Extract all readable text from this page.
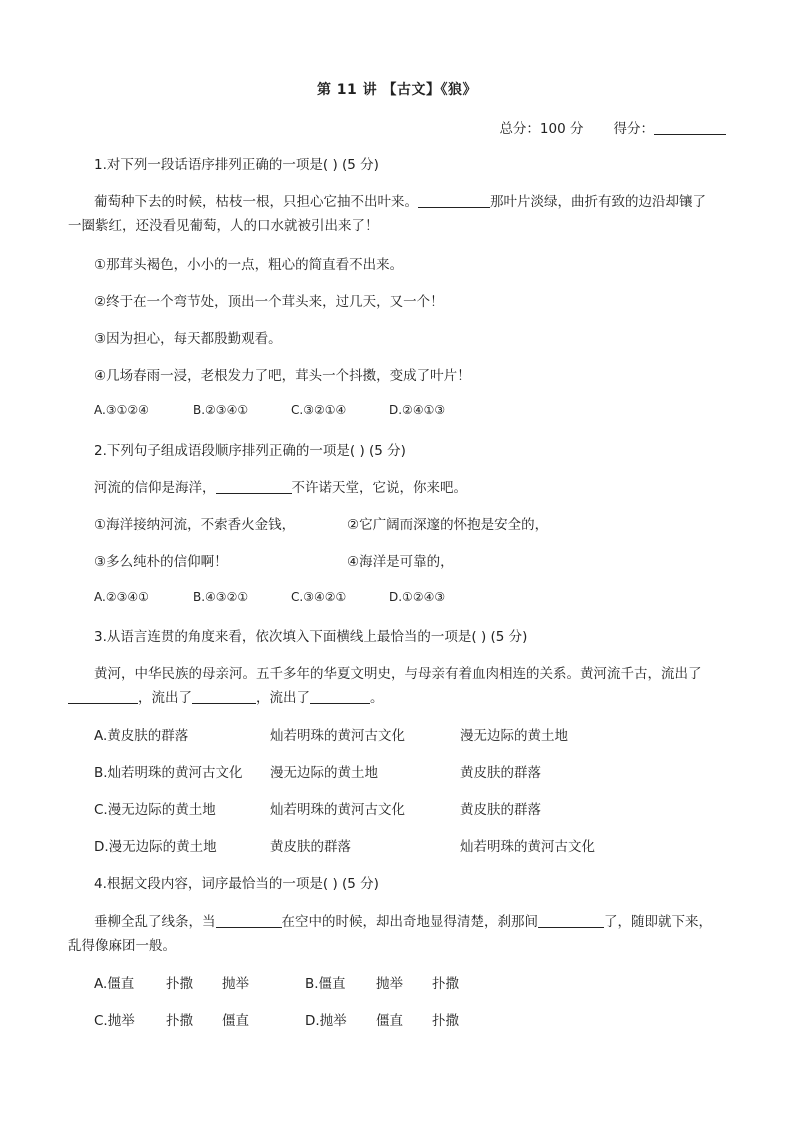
第 11 讲 【古文】《狼》
总分：100 分 得分：
1.对下列一段话语序排列正确的一项是( ) (5 分)
葡萄种下去的时候，枯枝一根，只担心它抽不出叶来。	那叶片淡绿，曲折有致的边沿却镶了
一圈紫红，还没看见葡萄，人的口水就被引出来了！
①那茸头褐色，小小的一点，粗心的简直看不出来。
②终于在一个弯节处，顶出一个茸头来，过几天，又一个！
③因为担心，每天都殷勤观看。
④几场春雨一浸，老根发力了吧，茸头一个抖擞，变成了叶片！
A.③①②④	B.②③④①	C.③②①④	D.②④①③
2.下列句子组成语段顺序排列正确的一项是( ) (5 分)
河流的信仰是海洋，	不许诺天堂，它说，你来吧。
①海洋接纳河流，不索香火金钱，	②它广阔而深邃的怀抱是安全的，
③多么纯朴的信仰啊！	④海洋是可靠的，
A.②③④①	B.④③②①	C.③④②①	D.①②④③
3.从语言连贯的角度来看，依次填入下面横线上最恰当的一项是( ) (5 分)
黄河，中华民族的母亲河。五千多年的华夏文明史，与母亲有着血肉相连的关系。黄河流千古，流出了
，流出了	，流出了	。
A.黄皮肤的群落	灿若明珠的黄河古文化	漫无边际的黄土地
B.灿若明珠的黄河古文化 漫无边际的黄土地	黄皮肤的群落
C.漫无边际的黄土地	灿若明珠的黄河古文化	黄皮肤的群落
D.漫无边际的黄土地	黄皮肤的群落	灿若明珠的黄河古文化
4.根据文段内容，词序最恰当的一项是( ) (5 分)
垂柳全乱了线条，当	在空中的时候，却出奇地显得清楚，刹那间	了，随即就下来，
乱得像麻团一般。
A.僵直 扑撒 抛举	B.僵直 抛举 扑撒
C.抛举 扑撒 僵直	D.抛举 僵直 扑撒
